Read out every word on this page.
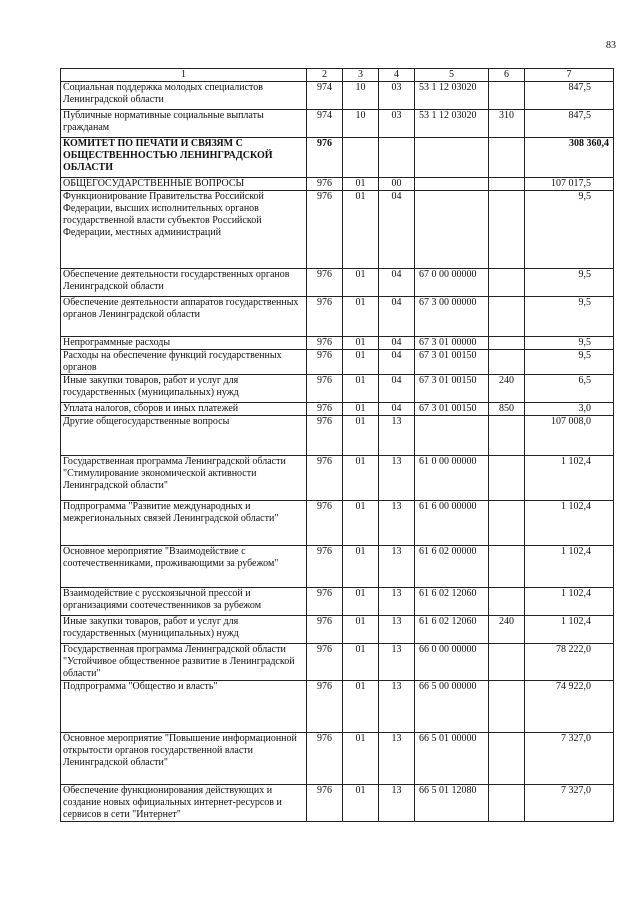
83
1	2	3	4	5	6	7
Социальная поддержка молодых специалистов Ленинградской области	974	10	03	53 1 12 03020		847,5
Публичные нормативные социальные выплаты гражданам	974	10	03	53 1 12 03020	310	847,5
КОМИТЕТ ПО ПЕЧАТИ И СВЯЗЯМ С ОБЩЕСТВЕННОСТЬЮ ЛЕНИНГРАДСКОЙ ОБЛАСТИ	976					308 360,4
ОБЩЕГОСУДАРСТВЕННЫЕ ВОПРОСЫ	976	01	00			107 017,5
Функционирование Правительства Российской Федерации, высших исполнительных органов государственной власти субъектов Российской Федерации, местных администраций	976	01	04			9,5
Обеспечение деятельности государственных органов Ленинградской области	976	01	04	67 0 00 00000		9,5
Обеспечение деятельности аппаратов государственных органов Ленинградской области	976	01	04	67 3 00 00000		9,5
Непрограммные расходы	976	01	04	67 3 01 00000		9,5
Расходы на обеспечение функций государственных органов	976	01	04	67 3 01 00150		9,5
Иные закупки товаров, работ и услуг для государственных (муниципальных) нужд	976	01	04	67 3 01 00150	240	6,5
Уплата налогов, сборов и иных платежей	976	01	04	67 3 01 00150	850	3,0
Другие общегосударственные вопросы	976	01	13			107 008,0
Государственная программа Ленинградской области "Стимулирование экономической активности Ленинградской области"	976	01	13	61 0 00 00000		1 102,4
Подпрограмма "Развитие международных и межрегиональных связей Ленинградской области"	976	01	13	61 6 00 00000		1 102,4
Основное мероприятие "Взаимодействие с соотечественниками, проживающими за рубежом"	976	01	13	61 6 02 00000		1 102,4
Взаимодействие с русскоязычной прессой и организациями соотечественников за рубежом	976	01	13	61 6 02 12060		1 102,4
Иные закупки товаров, работ и услуг для государственных (муниципальных) нужд	976	01	13	61 6 02 12060	240	1 102,4
Государственная программа Ленинградской области "Устойчивое общественное развитие в Ленинградской области"	976	01	13	66 0 00 00000		78 222,0
Подпрограмма "Общество и власть"	976	01	13	66 5 00 00000		74 922,0
Основное мероприятие "Повышение информационной открытости органов государственной власти Ленинградской области"	976	01	13	66 5 01 00000		7 327,0
Обеспечение функционирования действующих и создание новых официальных интернет-ресурсов и сервисов в сети "Интернет"	976	01	13	66 5 01 12080		7 327,0
